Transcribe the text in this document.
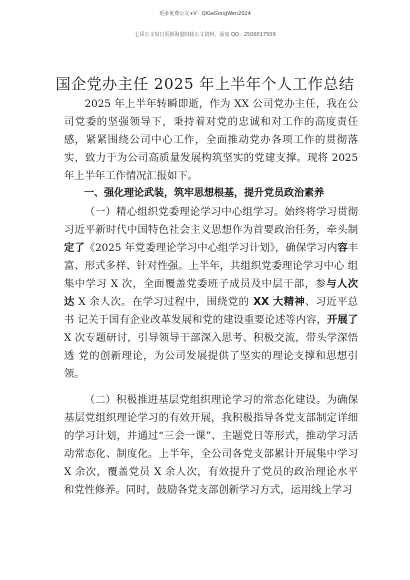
更多免费公文+V：QiGeGongWen2024
七哥公文每日更新海量时政公文资料，添加 QQ：2500017509
国企党办主任 2025 年上半年个人工作总结

2025 年上半年转瞬即逝，作为 XX 公司党办主任，我在公司党委的坚强领导下，秉持着对党的忠诚和对工作的高度责任感，紧紧围绕公司中心工作，全面推动党办各项工作的贯彻落实，致力于为公司高质量发展构筑坚实的党建支撑。现将 2025 年上半年工作情况汇报如下。

一、强化理论武装，筑牢思想根基，提升党员政治素养

（一）精心组织党委理论学习中心组学习。始终将学习贯彻习近平新时代中国特色社会主义思想作为首要政治任务，牵头制定了《2025 年党委理论学习中心组学习计划》，确保学习内容丰富、形式多样、针对性强。上半年，共组织党委理论学习中心 组集中学习 X 次，全面覆盖党委班子成员及中层干部，参与人次 达 X 余人次。在学习过程中，围绕党的 XX 大精神、习近平总书 记关于国有企业改革发展和党的建设重要论述等内容，开展了 X 次专题研讨，引导领导干部深入思考、积极交流，带头学深悟透 党的创新理论，为公司发展提供了坚实的理论支撑和思想引领。

（二）积极推进基层党组织理论学习的常态化建设。为确保基层党组织理论学习的有效开展，我积极指导各党支部制定详细的学习计划，并通过“三会一课”、主题党日等形式，推动学习活动常态化、制度化。上半年，全公司各党支部累计开展集中学习 X 余次，覆盖党员 X 余人次，有效提升了党员的政治理论水平 和党性修养。同时，鼓励各党支部创新学习方式，运用线上学习
